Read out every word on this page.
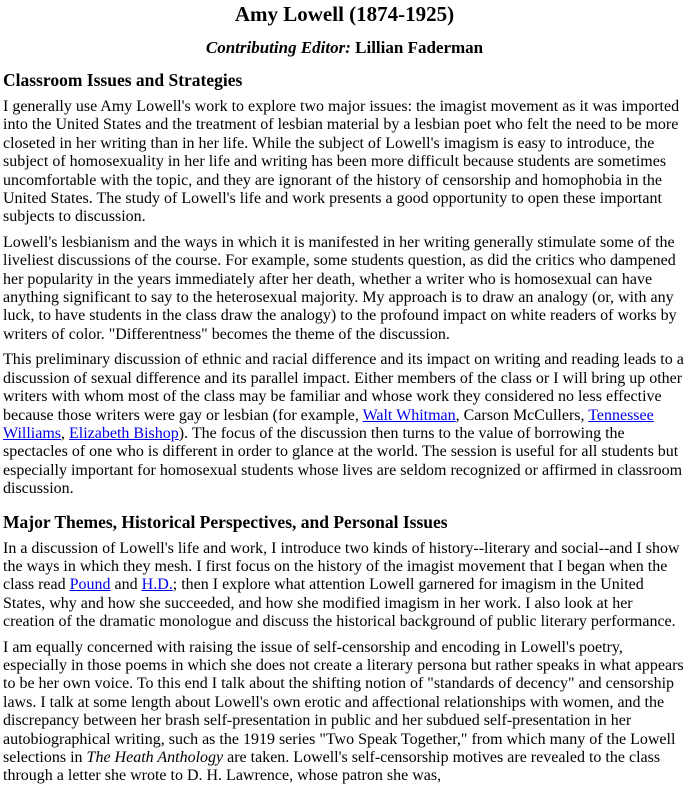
Amy Lowell (1874-1925)
Contributing Editor: Lillian Faderman
Classroom Issues and Strategies

I generally use Amy Lowell's work to explore two major issues: the imagist movement as it was imported into the United States and the treatment of lesbian material by a lesbian poet who felt the need to be more closeted in her writing than in her life. While the subject of Lowell's imagism is easy to introduce, the subject of homosexuality in her life and writing has been more difficult because students are sometimes uncomfortable with the topic, and they are ignorant of the history of censorship and homophobia in the United States. The study of Lowell's life and work presents a good opportunity to open these important subjects to discussion.

Lowell's lesbianism and the ways in which it is manifested in her writing generally stimulate some of the liveliest discussions of the course. For example, some students question, as did the critics who dampened her popularity in the years immediately after her death, whether a writer who is homosexual can have anything significant to say to the heterosexual majority. My approach is to draw an analogy (or, with any luck, to have students in the class draw the analogy) to the profound impact on white readers of works by writers of color. "Differentness" becomes the theme of the discussion.

This preliminary discussion of ethnic and racial difference and its impact on writing and reading leads to a discussion of sexual difference and its parallel impact. Either members of the class or I will bring up other writers with whom most of the class may be familiar and whose work they considered no less effective because those writers were gay or lesbian (for example, Walt Whitman, Carson McCullers, Tennessee Williams, Elizabeth Bishop). The focus of the discussion then turns to the value of borrowing the spectacles of one who is different in order to glance at the world. The session is useful for all students but especially important for homosexual students whose lives are seldom recognized or affirmed in classroom discussion.

Major Themes, Historical Perspectives, and Personal Issues

In a discussion of Lowell's life and work, I introduce two kinds of history--literary and social--and I show the ways in which they mesh. I first focus on the history of the imagist movement that I began when the class read Pound and H.D.; then I explore what attention Lowell garnered for imagism in the United States, why and how she succeeded, and how she modified imagism in her work. I also look at her creation of the dramatic monologue and discuss the historical background of public literary performance.

I am equally concerned with raising the issue of self-censorship and encoding in Lowell's poetry, especially in those poems in which she does not create a literary persona but rather speaks in what appears to be her own voice. To this end I talk about the shifting notion of "standards of decency" and censorship laws. I talk at some length about Lowell's own erotic and affectional relationships with women, and the discrepancy between her brash self-presentation in public and her subdued self-presentation in her autobiographical writing, such as the 1919 series "Two Speak Together," from which many of the Lowell selections in The Heath Anthology are taken. Lowell's self-censorship motives are revealed to the class through a letter she wrote to D. H. Lawrence, whose patron she was,
